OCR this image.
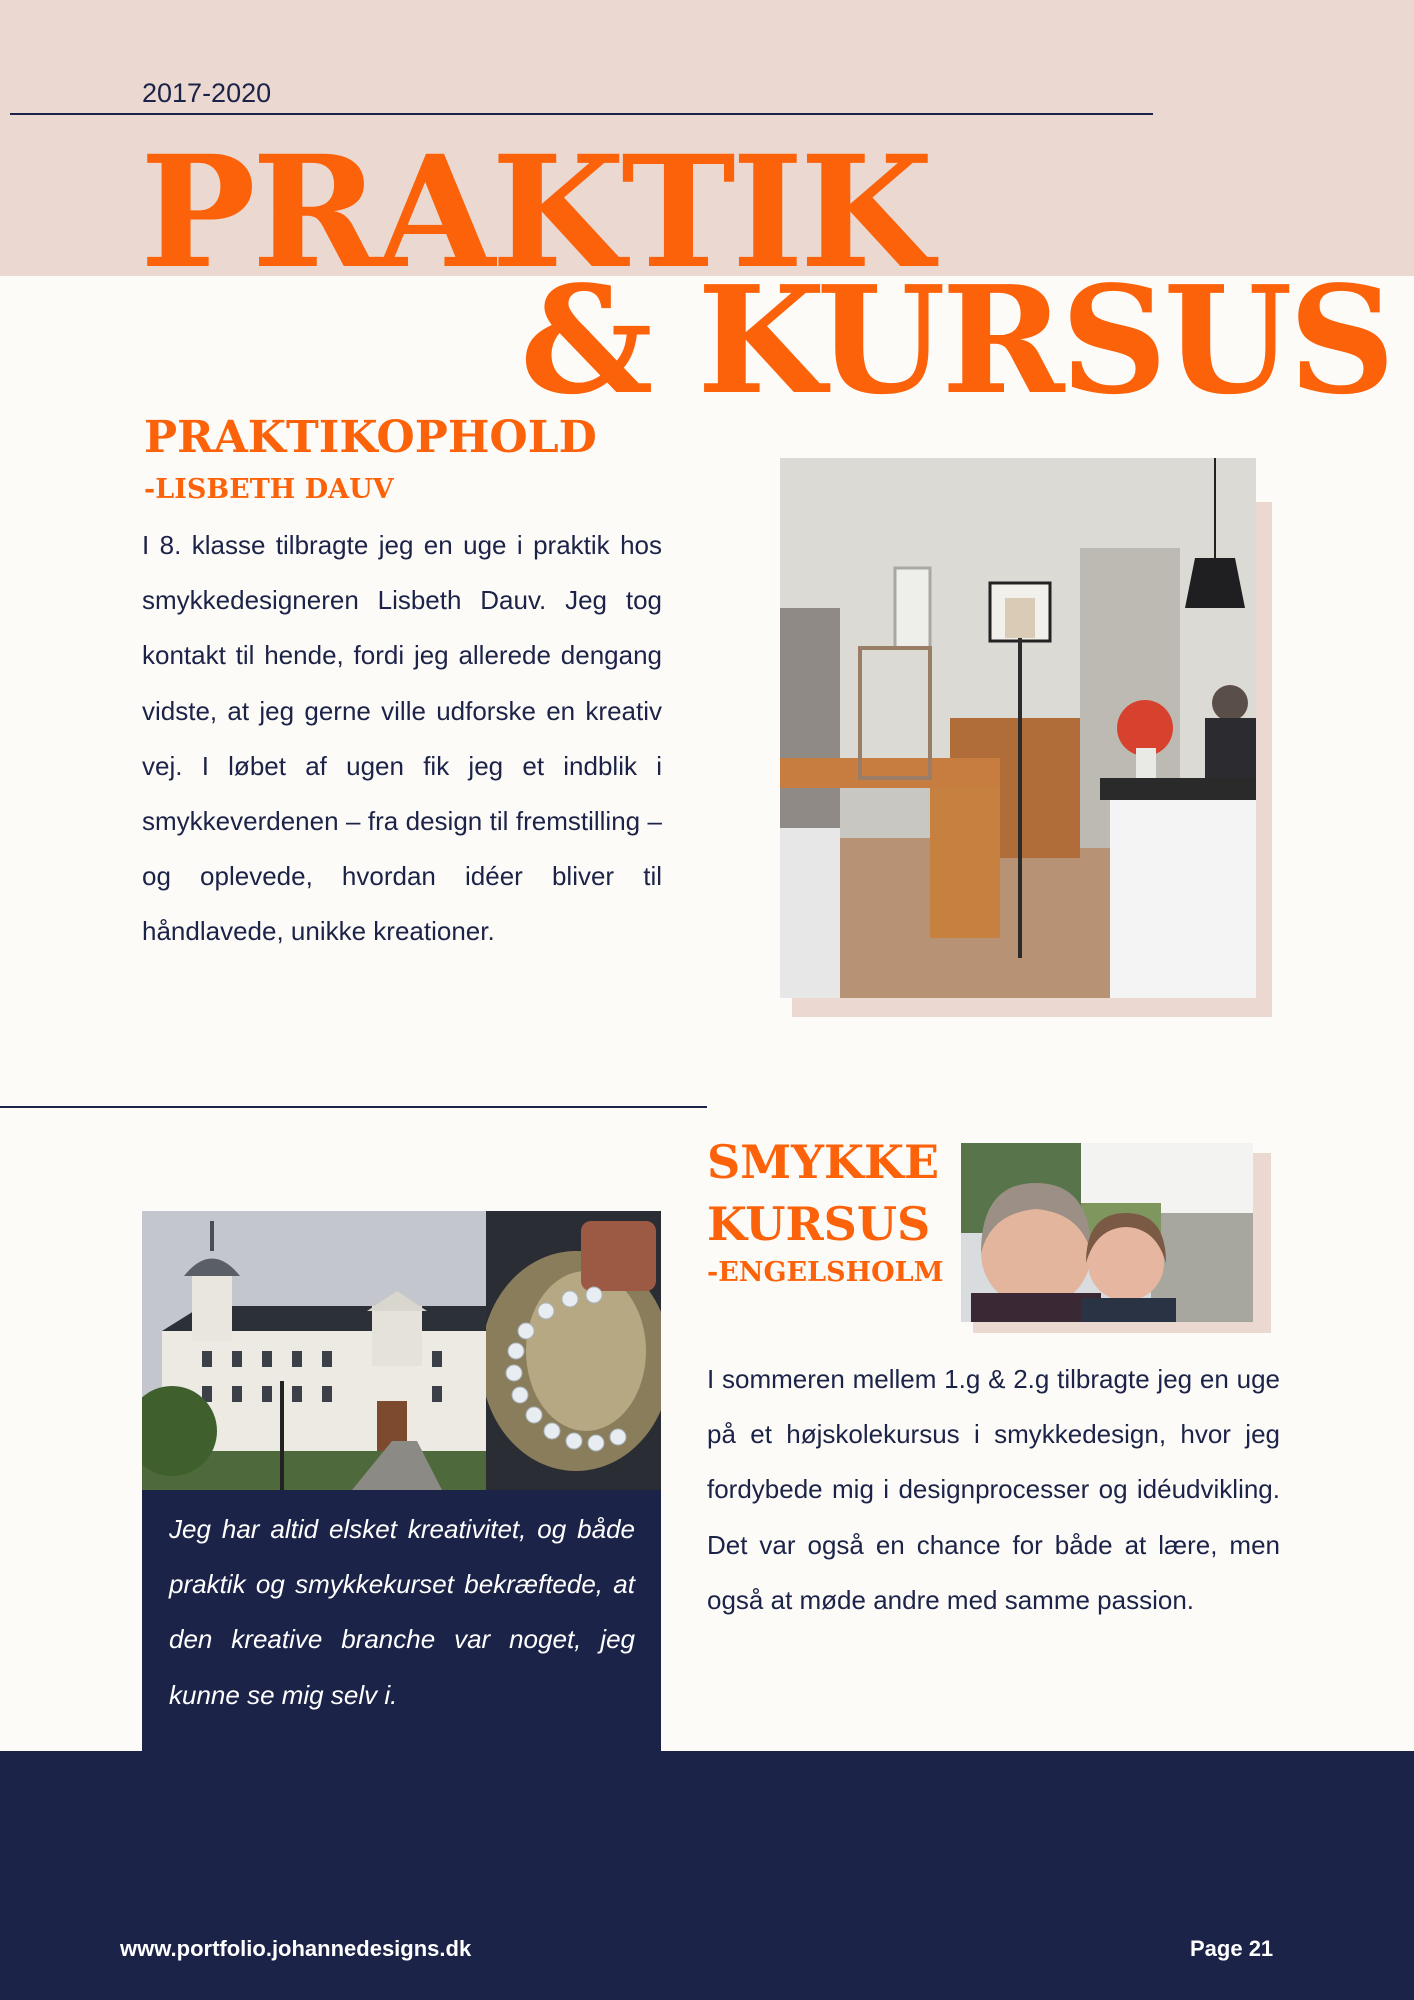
2017-2020
PRAKTIK
& KURSUS
PRAKTIKOPHOLD
-LISBETH DAUV
I 8. klasse tilbragte jeg en uge i praktik hos smykkedesigneren Lisbeth Dauv. Jeg tog kontakt til hende, fordi jeg allerede dengang vidste, at jeg gerne ville udforske en kreativ vej. I løbet af ugen fik jeg et indblik i smykkeverdenen – fra design til fremstilling – og oplevede, hvordan idéer bliver til håndlavede, unikke kreationer.
SMYKKE
KURSUS
-ENGELSHOLM
I sommeren mellem 1.g & 2.g tilbragte jeg en uge på et højskolekursus i smykkedesign, hvor jeg fordybede mig i designprocesser og idéudvikling. Det var også en chance for både at lære, men også at møde andre med samme passion.
Jeg har altid elsket kreativitet, og både praktik og smykkekurset bekræftede, at den kreative branche var noget, jeg kunne se mig selv i.
www.portfolio.johannedesigns.dk	Page 21
